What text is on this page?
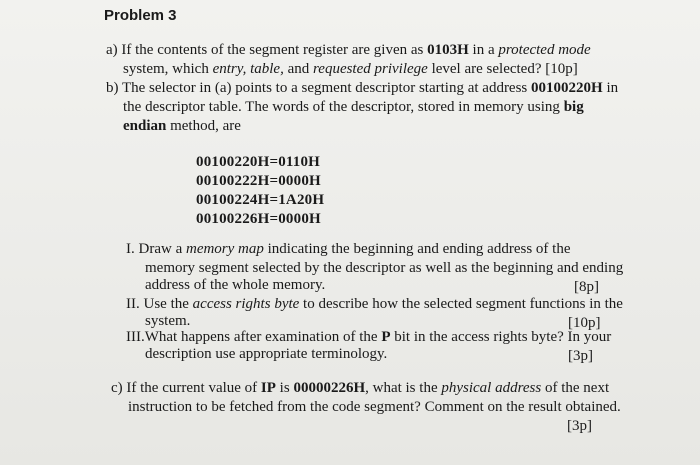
Problem 3
a) If the contents of the segment register are given as 0103H in a protected mode
system, which entry, table, and requested privilege level are selected? [10p]
b) The selector in (a) points to a segment descriptor starting at address 00100220H in
the descriptor table. The words of the descriptor, stored in memory using big
endian method, are
00100220H=0110H
00100222H=0000H
00100224H=1A20H
00100226H=0000H
I. Draw a memory map indicating the beginning and ending address of the
memory segment selected by the descriptor as well as the beginning and ending
address of the whole memory.	[8p]
II. Use the access rights byte to describe how the selected segment functions in the
system.	[10p]
III.What happens after examination of the P bit in the access rights byte? In your
description use appropriate terminology.	[3p]
c) If the current value of IP is 00000226H, what is the physical address of the next
instruction to be fetched from the code segment? Comment on the result obtained.
[3p]
